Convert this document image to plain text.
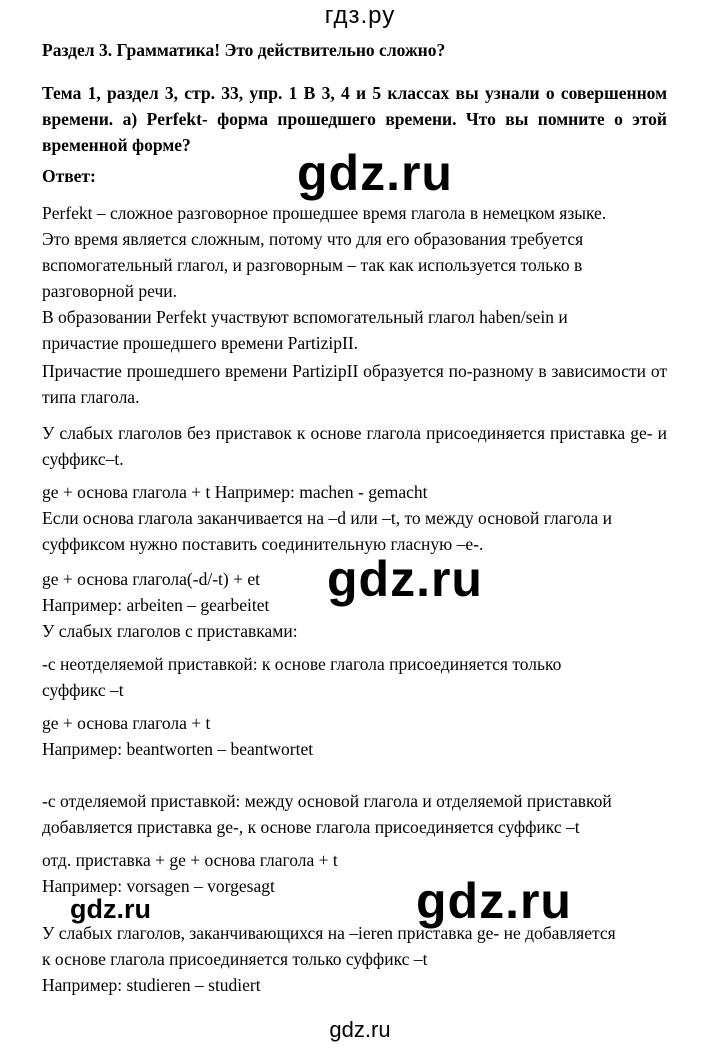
гдз.ру
gdz.ru
gdz.ru
gdz.ru
gdz.ru
Раздел 3. Грамматика! Это действительно сложно?
Тема 1, раздел 3, стр. 33, упр. 1 В 3, 4 и 5 классах вы узнали о совершенном времени. а) Perfekt- форма прошедшего времени. Что вы помните о этой временной форме?
Ответ:
Perfekt – сложное разговорное прошедшее время глагола в немецком языке.
Это время является сложным, потому что для его образования требуется
вспомогательный глагол, и разговорным – так как используется только в
разговорной речи.
В образовании Perfekt участвуют вспомогательный глагол haben/sein и
причастие прошедшего времени PartizipII.
Причастие прошедшего времени PartizipII образуется по-разному в зависимости от типа глагола.
У слабых глаголов без приставок к основе глагола присоединяется приставка ge- и суффикс–t.
ge + основа глагола + t Например: machen - gemacht
Если основа глагола заканчивается на –d или –t, то между основой глагола и
суффиксом нужно поставить соединительную гласную –e-.
ge + основа глагола(-d/-t) + et
Например: arbeiten – gearbeitet
У слабых глаголов с приставками:
-с неотделяемой приставкой: к основе глагола присоединяется только
суффикс –t
ge + основа глагола + t
Например: beantworten – beantwortet
-с отделяемой приставкой: между основой глагола и отделяемой приставкой
добавляется приставка ge-, к основе глагола присоединяется суффикс –t
отд. приставка + ge + основа глагола + t
Например: vorsagen – vorgesagt
У слабых глаголов, заканчивающихся на –ieren приставка ge- не добавляется
к основе глагола присоединяется только суффикс –t
Например: studieren – studiert
gdz.ru
